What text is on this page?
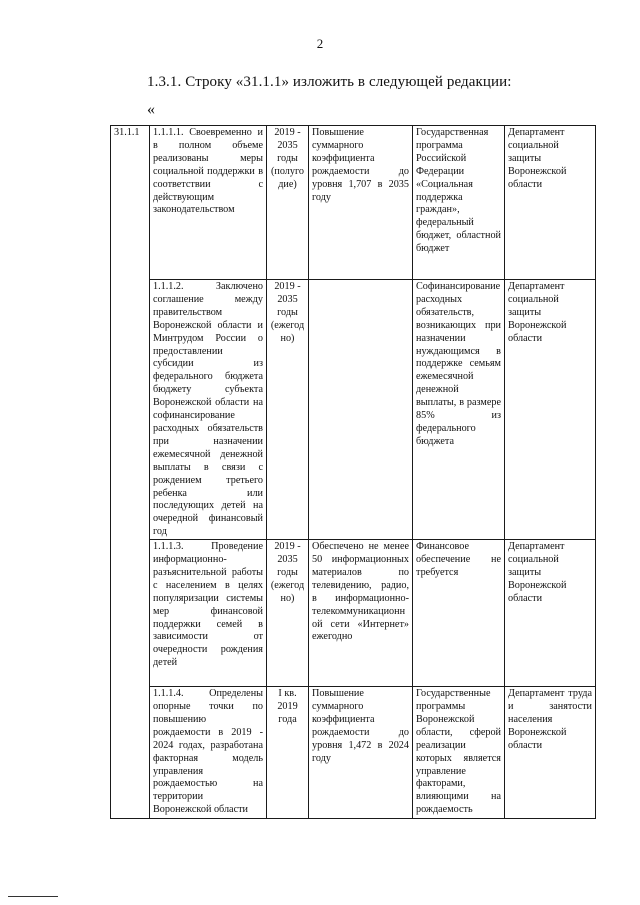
2
1.3.1. Строку «31.1.1» изложить в следующей редакции:
«
31.1.1	1.1.1.1. Своевременно и в полном объеме реализованы меры социальной поддержки в соответствии с действующим законодательством	2019 - 2035 годы (полугодие)	Повышение суммарного коэффициента рождаемости до уровня 1,707 в 2035 году	Государственная программа Российской Федерации «Социальная поддержка граждан», федеральный бюджет, областной бюджет	Департамент социальной защиты Воронежской области
	1.1.1.2. Заключено соглашение между правительством Воронежской области и Минтрудом России о предоставлении субсидии из федерального бюджета бюджету субъекта Воронежской области на софинансирование расходных обязательств при назначении ежемесячной денежной выплаты в связи с рождением третьего ребенка или последующих детей на очередной финансовый год	2019 - 2035 годы (ежегодно)		Софинансирование расходных обязательств, возникающих при назначении нуждающимся в поддержке семьям ежемесячной денежной выплаты, в размере 85% из федерального бюджета	Департамент социальной защиты Воронежской области
	1.1.1.3. Проведение информационно-разъяснительной работы с населением в целях популяризации системы мер финансовой поддержки семей в зависимости от очередности рождения детей	2019 - 2035 годы (ежегодно)	Обеспечено не менее 50 информационных материалов по телевидению, радио, в информационно-телекоммуникационной сети «Интернет» ежегодно	Финансовое обеспечение не требуется	Департамент социальной защиты Воронежской области
	1.1.1.4. Определены опорные точки по повышению рождаемости в 2019 - 2024 годах, разработана факторная модель управления рождаемостью на территории Воронежской области	I кв. 2019 года	Повышение суммарного коэффициента рождаемости до уровня 1,472 в 2024 году	Государственные программы Воронежской области, сферой реализации которых является управление факторами, влияющими на рождаемость	Департамент труда и занятости населения Воронежской области
